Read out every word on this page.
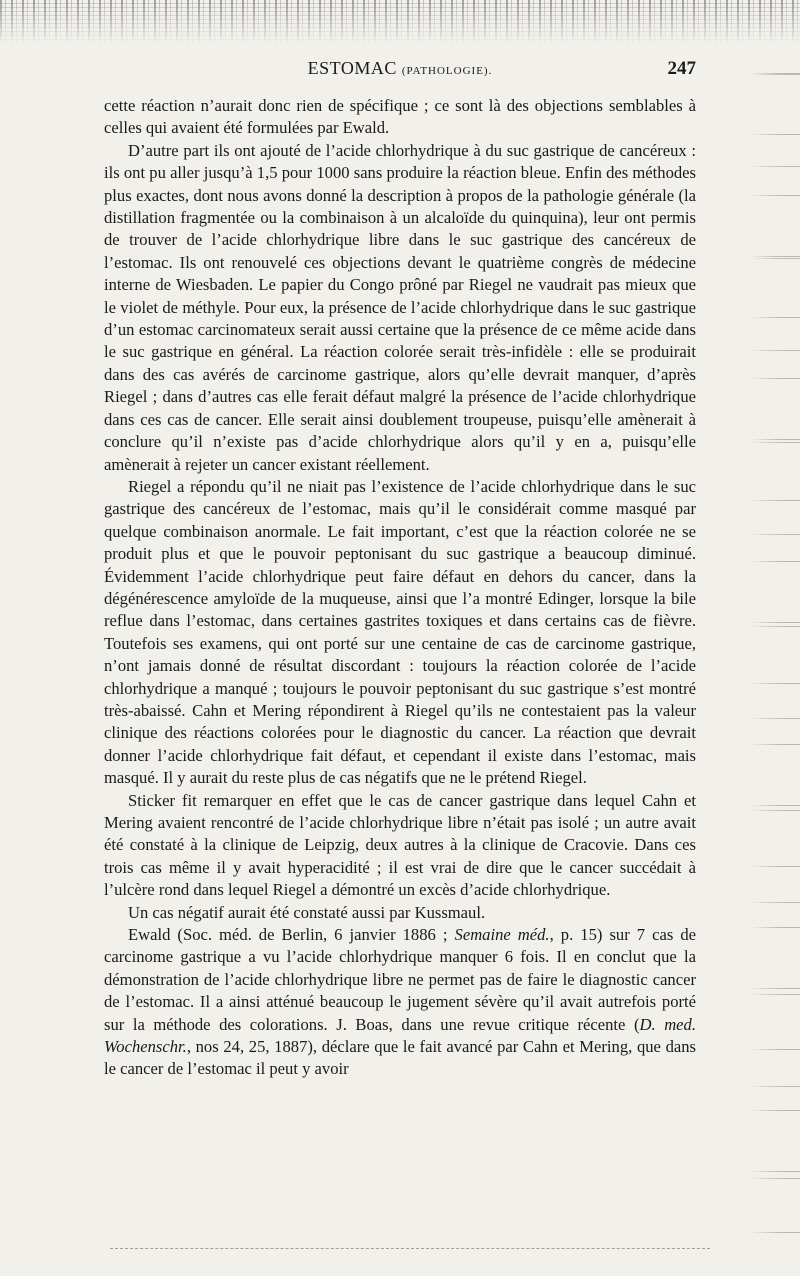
ESTOMAC (PATHOLOGIE).	247

cette réaction n’aurait donc rien de spécifique ; ce sont là des objections semblables à celles qui avaient été formulées par Ewald.

D’autre part ils ont ajouté de l’acide chlorhydrique à du suc gastrique de cancéreux : ils ont pu aller jusqu’à 1,5 pour 1000 sans produire la réaction bleue. Enfin des méthodes plus exactes, dont nous avons donné la description à propos de la pathologie générale (la distillation fragmentée ou la combinaison à un alcaloïde du quinquina), leur ont permis de trouver de l’acide chlorhydrique libre dans le suc gastrique des cancéreux de l’estomac. Ils ont renouvelé ces objections devant le quatrième congrès de médecine interne de Wiesbaden. Le papier du Congo prôné par Riegel ne vaudrait pas mieux que le violet de méthyle. Pour eux, la présence de l’acide chlorhydrique dans le suc gastrique d’un estomac carcinomateux serait aussi certaine que la présence de ce même acide dans le suc gastrique en général. La réaction colorée serait très-infidèle : elle se produirait dans des cas avérés de carcinome gastrique, alors qu’elle devrait manquer, d’après Riegel ; dans d’autres cas elle ferait défaut malgré la présence de l’acide chlorhydrique dans ces cas de cancer. Elle serait ainsi doublement troupeuse, puisqu’elle amènerait à conclure qu’il n’existe pas d’acide chlorhydrique alors qu’il y en a, puisqu’elle amènerait à rejeter un cancer existant réellement.

Riegel a répondu qu’il ne niait pas l’existence de l’acide chlorhydrique dans le suc gastrique des cancéreux de l’estomac, mais qu’il le considérait comme masqué par quelque combinaison anormale. Le fait important, c’est que la réaction colorée ne se produit plus et que le pouvoir peptonisant du suc gastrique a beaucoup diminué. Évidemment l’acide chlorhydrique peut faire défaut en dehors du cancer, dans la dégénérescence amyloïde de la muqueuse, ainsi que l’a montré Edinger, lorsque la bile reflue dans l’estomac, dans certaines gastrites toxiques et dans certains cas de fièvre. Toutefois ses examens, qui ont porté sur une centaine de cas de carcinome gastrique, n’ont jamais donné de résultat discordant : toujours la réaction colorée de l’acide chlorhydrique a manqué ; toujours le pouvoir peptonisant du suc gastrique s’est montré très-abaissé. Cahn et Mering répondirent à Riegel qu’ils ne contestaient pas la valeur clinique des réactions colorées pour le diagnostic du cancer. La réaction que devrait donner l’acide chlorhydrique fait défaut, et cependant il existe dans l’estomac, mais masqué. Il y aurait du reste plus de cas négatifs que ne le prétend Riegel.

Sticker fit remarquer en effet que le cas de cancer gastrique dans lequel Cahn et Mering avaient rencontré de l’acide chlorhydrique libre n’était pas isolé ; un autre avait été constaté à la clinique de Leipzig, deux autres à la clinique de Cracovie. Dans ces trois cas même il y avait hyperacidité ; il est vrai de dire que le cancer succédait à l’ulcère rond dans lequel Riegel a démontré un excès d’acide chlorhydrique.

Un cas négatif aurait été constaté aussi par Kussmaul.

Ewald (Soc. méd. de Berlin, 6 janvier 1886 ; Semaine méd., p. 15) sur 7 cas de carcinome gastrique a vu l’acide chlorhydrique manquer 6 fois. Il en conclut que la démonstration de l’acide chlorhydrique libre ne permet pas de faire le diagnostic cancer de l’estomac. Il a ainsi atténué beaucoup le jugement sévère qu’il avait autrefois porté sur la méthode des colorations. J. Boas, dans une revue critique récente (D. med. Wochenschr., nos 24, 25, 1887), déclare que le fait avancé par Cahn et Mering, que dans le cancer de l’estomac il peut y avoir
